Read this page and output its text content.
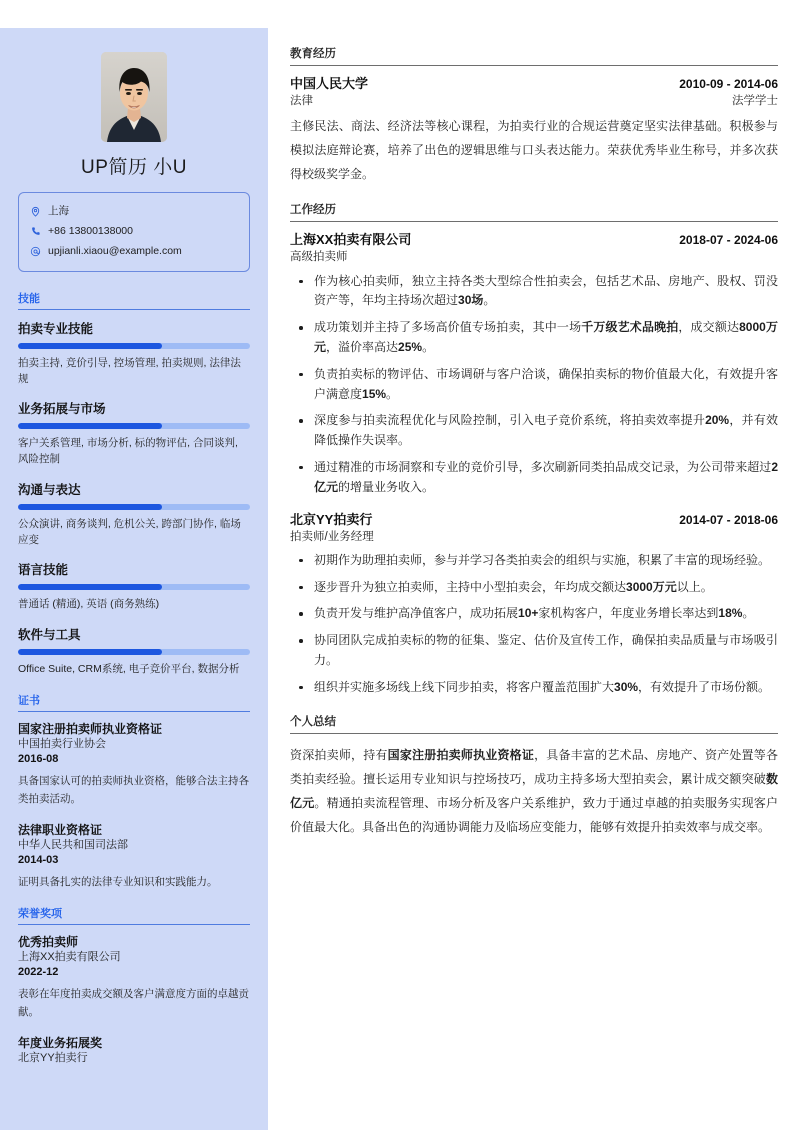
UP简历 小U
上海
+86 13800138000
upjianli.xiaou@example.com
技能
拍卖专业技能
拍卖主持, 竞价引导, 控场管理, 拍卖规则, 法律法规
业务拓展与市场
客户关系管理, 市场分析, 标的物评估, 合同谈判, 风险控制
沟通与表达
公众演讲, 商务谈判, 危机公关, 跨部门协作, 临场应变
语言技能
普通话 (精通), 英语 (商务熟练)
软件与工具
Office Suite, CRM系统, 电子竞价平台, 数据分析
证书
国家注册拍卖师执业资格证
中国拍卖行业协会
2016-08
具备国家认可的拍卖师执业资格，能够合法主持各类拍卖活动。
法律职业资格证
中华人民共和国司法部
2014-03
证明具备扎实的法律专业知识和实践能力。
荣誉奖项
优秀拍卖师
上海XX拍卖有限公司
2022-12
表彰在年度拍卖成交额及客户满意度方面的卓越贡献。
年度业务拓展奖
北京YY拍卖行
教育经历
中国人民大学	2010-09 - 2014-06
法律	法学学士

主修民法、商法、经济法等核心课程，为拍卖行业的合规运营奠定坚实法律基础。积极参与模拟法庭辩论赛，培养了出色的逻辑思维与口头表达能力。荣获优秀毕业生称号，并多次获得校级奖学金。

工作经历
上海XX拍卖有限公司	2018-07 - 2024-06
高级拍卖师
作为核心拍卖师，独立主持各类大型综合性拍卖会，包括艺术品、房地产、股权、罚没资产等，年均主持场次超过30场。
成功策划并主持了多场高价值专场拍卖，其中一场千万级艺术品晚拍，成交额达8000万元，溢价率高达25%。
负责拍卖标的物评估、市场调研与客户洽谈，确保拍卖标的物价值最大化，有效提升客户满意度15%。
深度参与拍卖流程优化与风险控制，引入电子竞价系统，将拍卖效率提升20%，并有效降低操作失误率。
通过精准的市场洞察和专业的竞价引导，多次刷新同类拍品成交记录，为公司带来超过2亿元的增量业务收入。
北京YY拍卖行	2014-07 - 2018-06
拍卖师/业务经理
初期作为助理拍卖师，参与并学习各类拍卖会的组织与实施，积累了丰富的现场经验。
逐步晋升为独立拍卖师，主持中小型拍卖会，年均成交额达3000万元以上。
负责开发与维护高净值客户，成功拓展10+家机构客户，年度业务增长率达到18%。
协同团队完成拍卖标的物的征集、鉴定、估价及宣传工作，确保拍卖品质量与市场吸引力。
组织并实施多场线上线下同步拍卖，将客户覆盖范围扩大30%，有效提升了市场份额。
个人总结

资深拍卖师，持有国家注册拍卖师执业资格证，具备丰富的艺术品、房地产、资产处置等各类拍卖经验。擅长运用专业知识与控场技巧，成功主持多场大型拍卖会，累计成交额突破数亿元。精通拍卖流程管理、市场分析及客户关系维护，致力于通过卓越的拍卖服务实现客户价值最大化。具备出色的沟通协调能力及临场应变能力，能够有效提升拍卖效率与成交率。
